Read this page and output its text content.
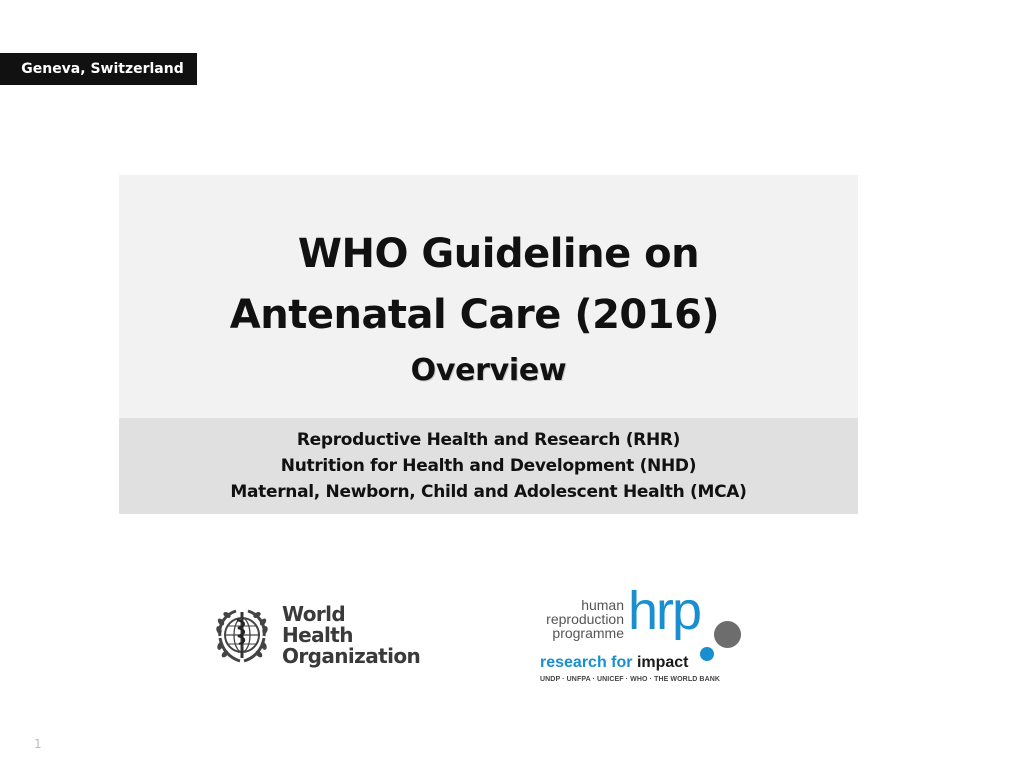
Geneva, Switzerland
WHO Guideline on
Antenatal Care (2016)
Overview
Reproductive Health and Research (RHR)
Nutrition for Health and Development (NHD)
Maternal, Newborn, Child and Adolescent Health (MCA)
World Health
Organization
human
reproduction
programme hrp
research for impact
UNDP · UNFPA · UNICEF · WHO · THE WORLD BANK
1
